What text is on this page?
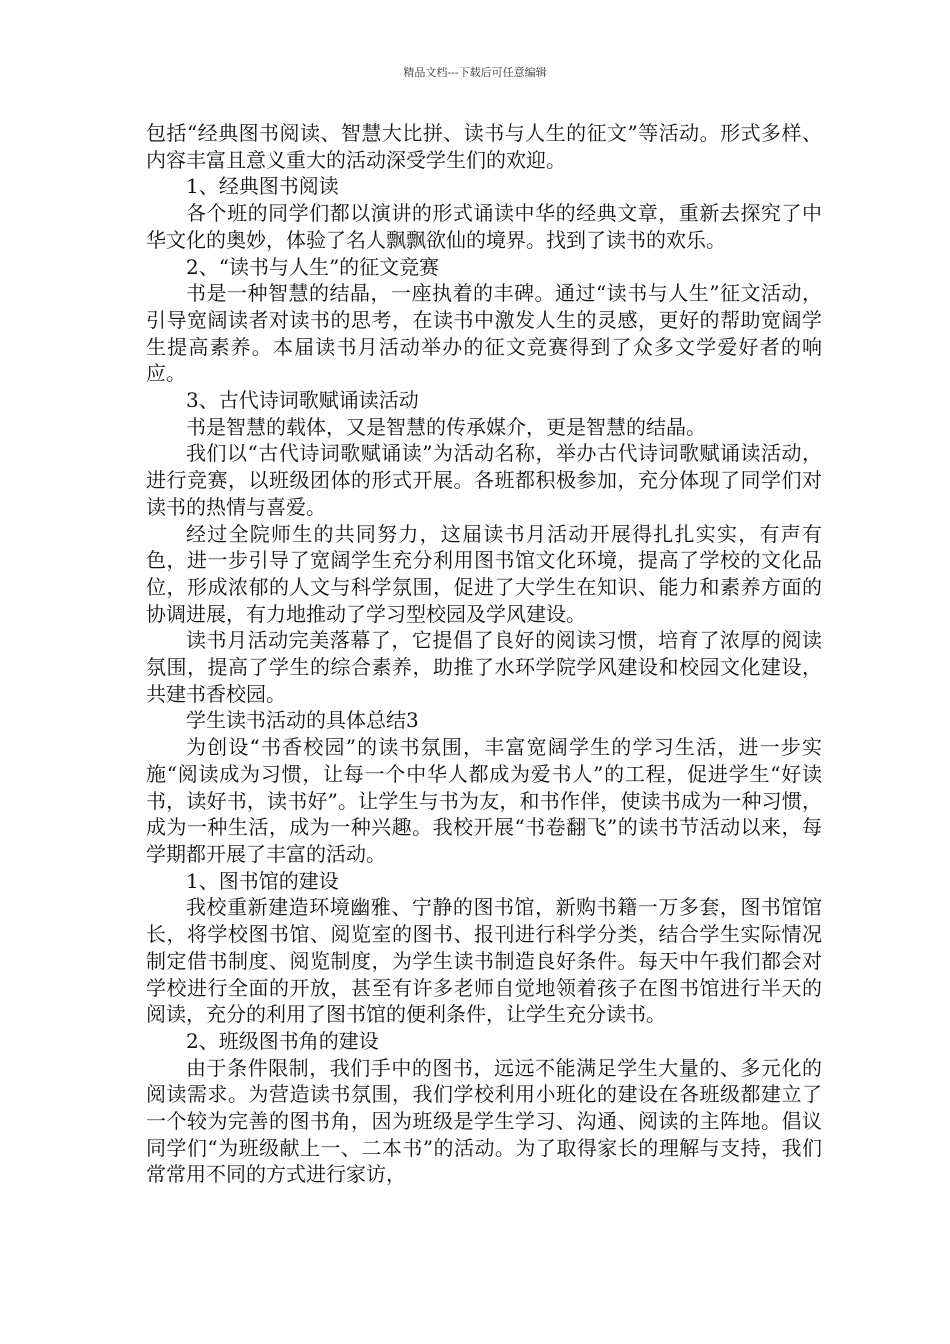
精品文档---下载后可任意编辑

包括“经典图书阅读、智慧大比拼、读书与人生的征文”等活动。形式多样、内容丰富且意义重大的活动深受学生们的欢迎。

1、经典图书阅读

各个班的同学们都以演讲的形式诵读中华的经典文章，重新去探究了中华文化的奥妙，体验了名人飘飘欲仙的境界。找到了读书的欢乐。

2、“读书与人生”的征文竞赛

书是一种智慧的结晶，一座执着的丰碑。通过“读书与人生”征文活动，引导宽阔读者对读书的思考，在读书中激发人生的灵感，更好的帮助宽阔学生提高素养。本届读书月活动举办的征文竞赛得到了众多文学爱好者的响应。

3、古代诗词歌赋诵读活动

书是智慧的载体，又是智慧的传承媒介，更是智慧的结晶。

我们以“古代诗词歌赋诵读”为活动名称，举办古代诗词歌赋诵读活动，进行竞赛，以班级团体的形式开展。各班都积极参加，充分体现了同学们对读书的热情与喜爱。

经过全院师生的共同努力，这届读书月活动开展得扎扎实实，有声有色，进一步引导了宽阔学生充分利用图书馆文化环境，提高了学校的文化品位，形成浓郁的人文与科学氛围，促进了大学生在知识、能力和素养方面的协调进展，有力地推动了学习型校园及学风建设。

读书月活动完美落幕了，它提倡了良好的阅读习惯，培育了浓厚的阅读氛围，提高了学生的综合素养，助推了水环学院学风建设和校园文化建设，共建书香校园。

学生读书活动的具体总结3

为创设“书香校园”的读书氛围，丰富宽阔学生的学习生活，进一步实施“阅读成为习惯，让每一个中华人都成为爱书人”的工程，促进学生“好读书，读好书，读书好”。让学生与书为友，和书作伴，使读书成为一种习惯，成为一种生活，成为一种兴趣。我校开展“书卷翻飞”的读书节活动以来，每学期都开展了丰富的活动。

1、图书馆的建设

我校重新建造环境幽雅、宁静的图书馆，新购书籍一万多套，图书馆馆长，将学校图书馆、阅览室的图书、报刊进行科学分类，结合学生实际情况制定借书制度、阅览制度，为学生读书制造良好条件。每天中午我们都会对学校进行全面的开放，甚至有许多老师自觉地领着孩子在图书馆进行半天的阅读，充分的利用了图书馆的便利条件，让学生充分读书。

2、班级图书角的建设

由于条件限制，我们手中的图书，远远不能满足学生大量的、多元化的阅读需求。为营造读书氛围，我们学校利用小班化的建设在各班级都建立了一个较为完善的图书角，因为班级是学生学习、沟通、阅读的主阵地。倡议同学们“为班级献上一、二本书”的活动。为了取得家长的理解与支持，我们常常用不同的方式进行家访，
